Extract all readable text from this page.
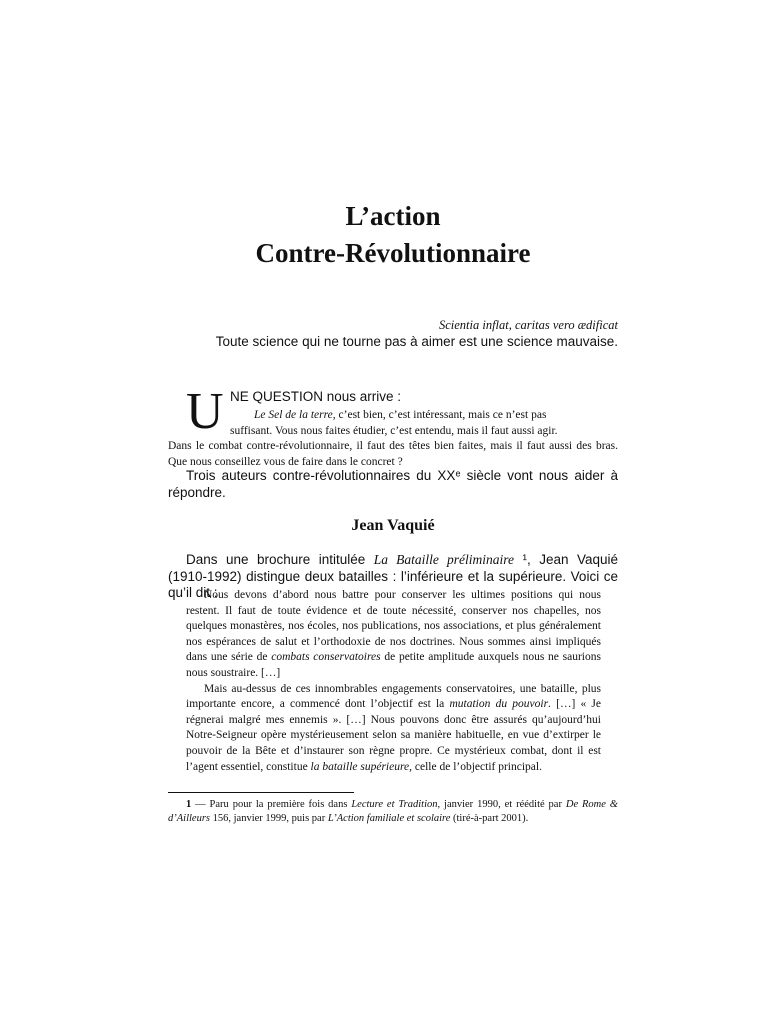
L’action
Contre-Révolutionnaire
Scientia inflat, caritas vero ædificat
Toute science qui ne tourne pas à aimer est une science mauvaise.
U NE QUESTION nous arrive :
Le Sel de la terre, c’est bien, c’est intéressant, mais ce n’est pas
suffisant. Vous nous faites étudier, c’est entendu, mais il faut aussi agir.
Dans le combat contre-révolutionnaire, il faut des têtes bien faites, mais il faut aussi des bras. Que nous conseillez vous de faire dans le concret ?

Trois auteurs contre-révolutionnaires du XXᵉ siècle vont nous aider à répondre.

Jean Vaquié

Dans une brochure intitulée La Bataille préliminaire ¹, Jean Vaquié (1910-1992) distingue deux batailles : l’inférieure et la supérieure. Voici ce qu’il dit :

Nous devons d’abord nous battre pour conserver les ultimes positions qui nous restent. Il faut de toute évidence et de toute nécessité, conserver nos chapelles, nos quelques monastères, nos écoles, nos publications, nos associations, et plus généralement nos espérances de salut et l’orthodoxie de nos doctrines. Nous sommes ainsi impliqués dans une série de combats conservatoires de petite amplitude auxquels nous ne saurions nous soustraire. […]

Mais au-dessus de ces innombrables engagements conservatoires, une bataille, plus importante encore, a commencé dont l’objectif est la mutation du pouvoir. […] « Je régnerai malgré mes ennemis ». […] Nous pouvons donc être assurés qu’aujourd’hui Notre-Seigneur opère mystérieusement selon sa manière habituelle, en vue d’extirper le pouvoir de la Bête et d’instaurer son règne propre. Ce mystérieux combat, dont il est l’agent essentiel, constitue la bataille supérieure, celle de l’objectif principal.

1 — Paru pour la première fois dans Lecture et Tradition, janvier 1990, et réédité par De Rome & d’Ailleurs 156, janvier 1999, puis par L’Action familiale et scolaire (tiré-à-part 2001).
